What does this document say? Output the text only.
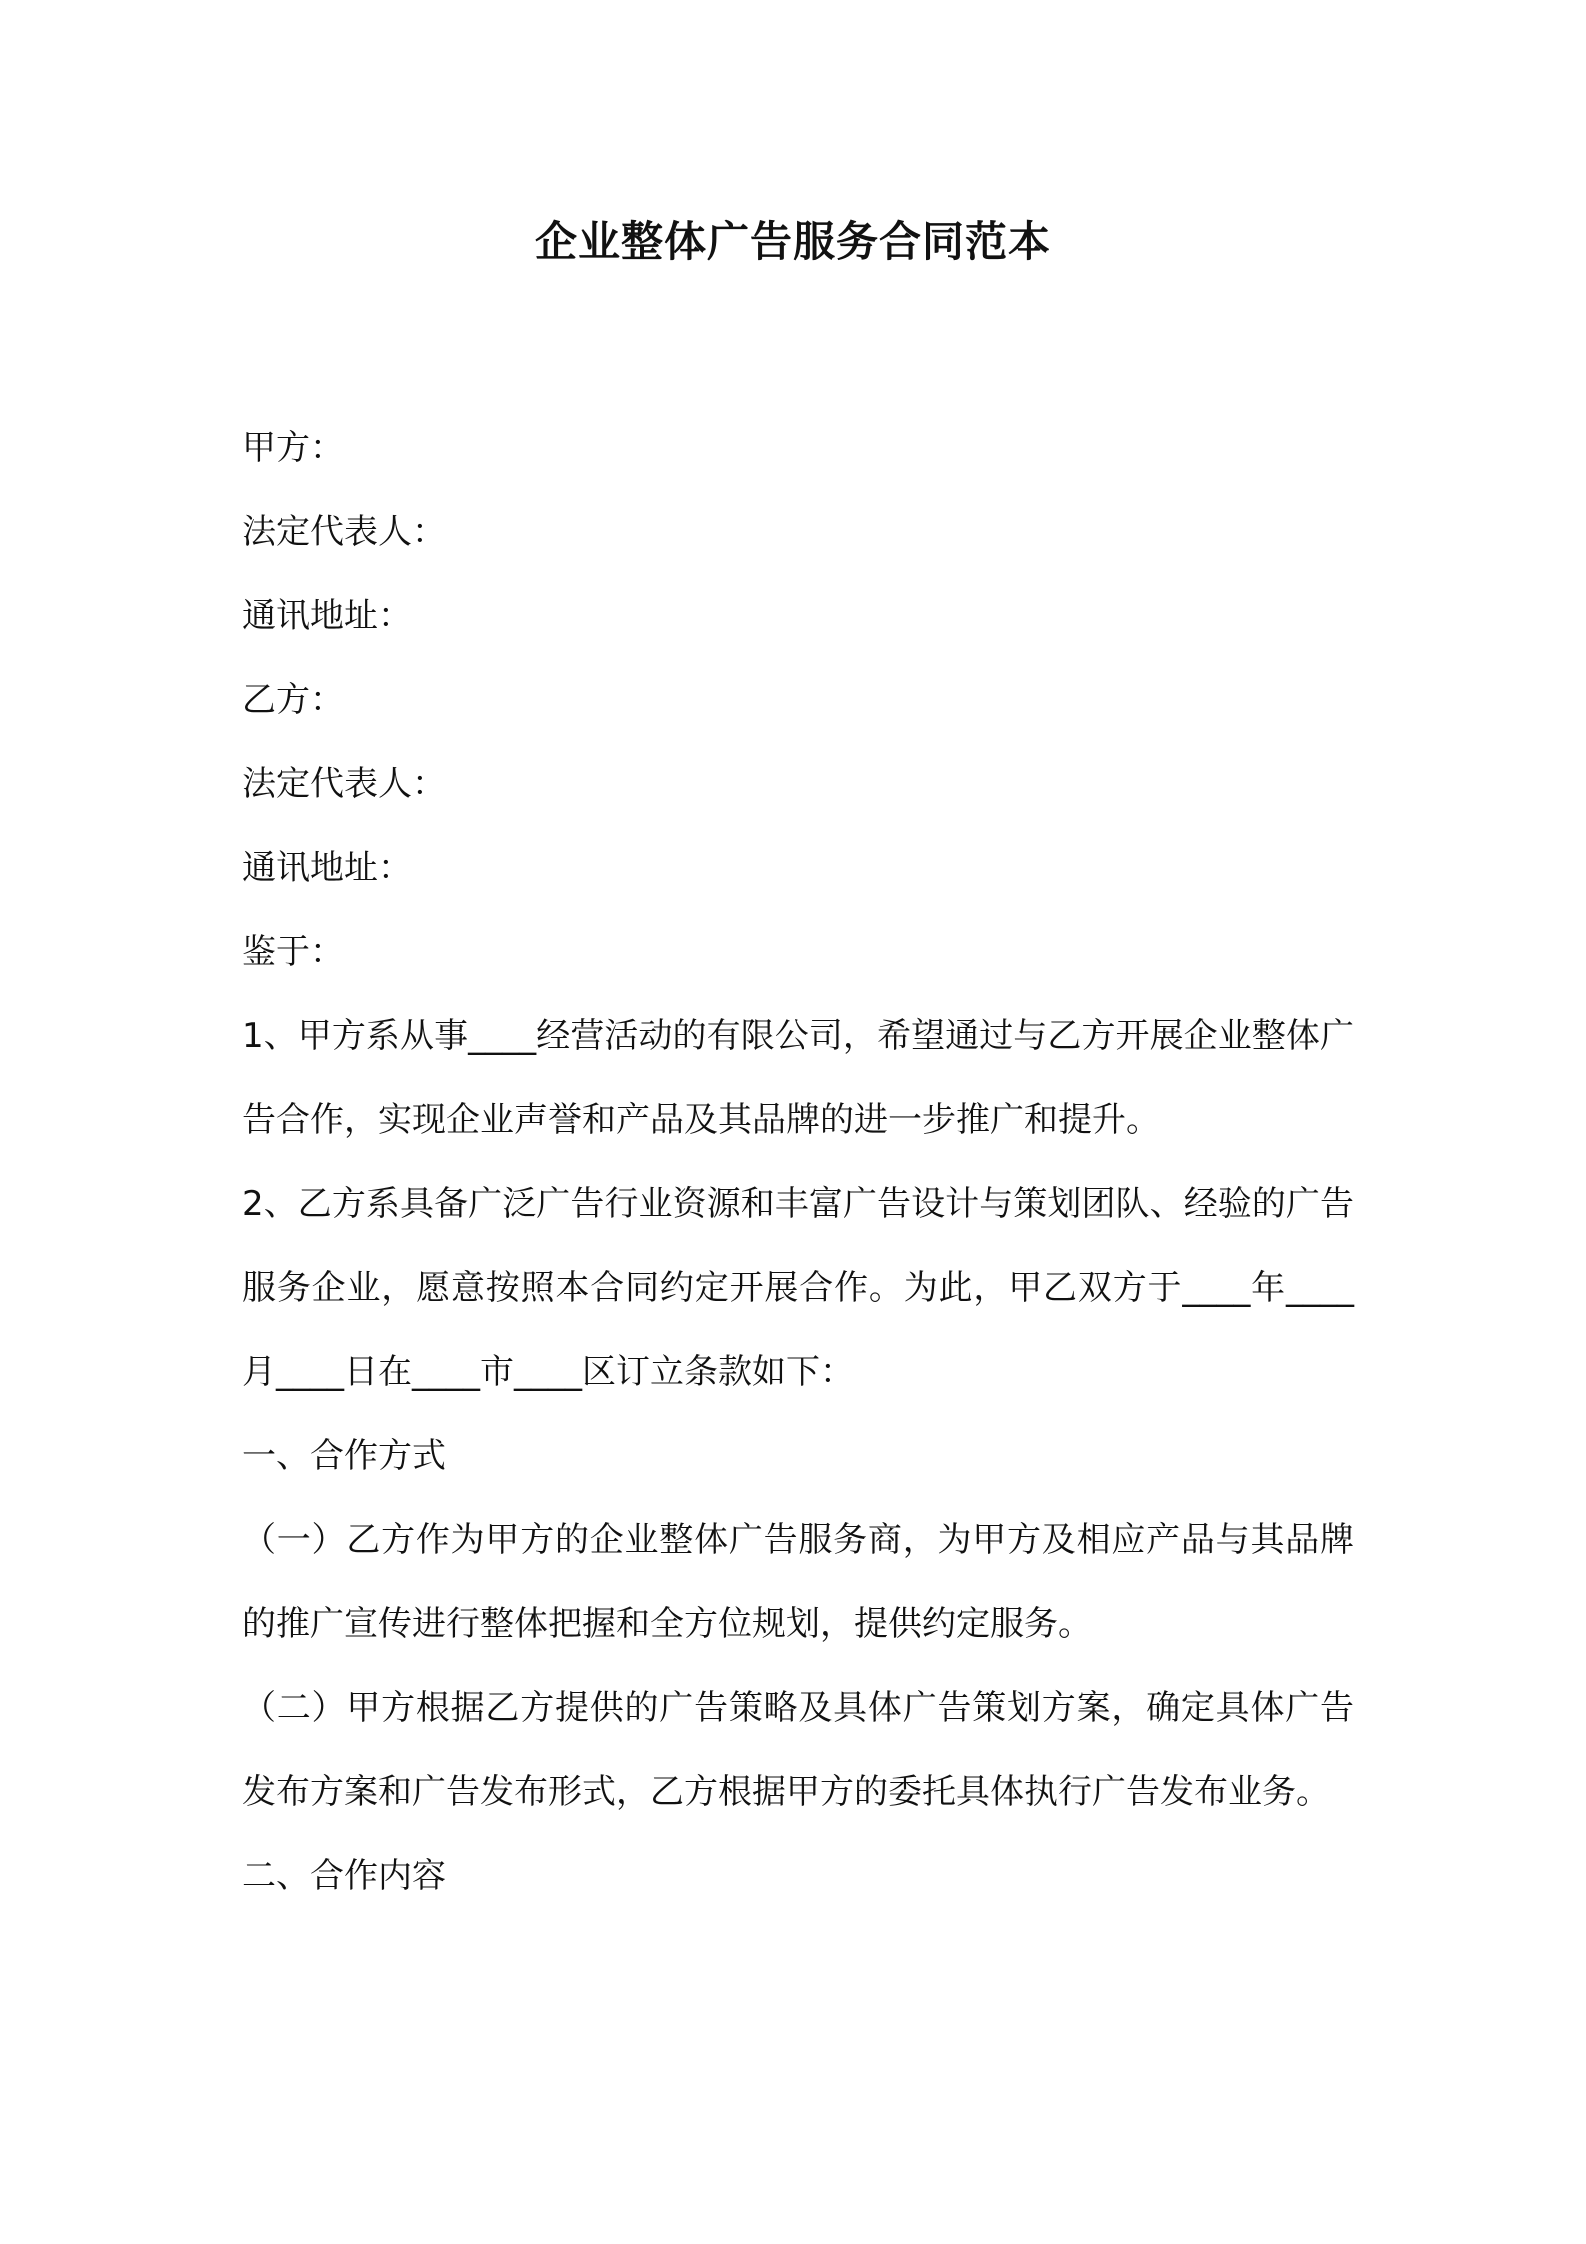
企业整体广告服务合同范本
甲方：
法定代表人：
通讯地址：
乙方：
法定代表人：
通讯地址：
鉴于：
1、甲方系从事____经营活动的有限公司，希望通过与乙方开展企业整体广告合作，实现企业声誉和产品及其品牌的进一步推广和提升。
2、乙方系具备广泛广告行业资源和丰富广告设计与策划团队、经验的广告服务企业，愿意按照本合同约定开展合作。为此，甲乙双方于____年____月____日在____市____区订立条款如下：
一、合作方式
（一）乙方作为甲方的企业整体广告服务商，为甲方及相应产品与其品牌的推广宣传进行整体把握和全方位规划，提供约定服务。
（二）甲方根据乙方提供的广告策略及具体广告策划方案，确定具体广告发布方案和广告发布形式，乙方根据甲方的委托具体执行广告发布业务。
二、合作内容
